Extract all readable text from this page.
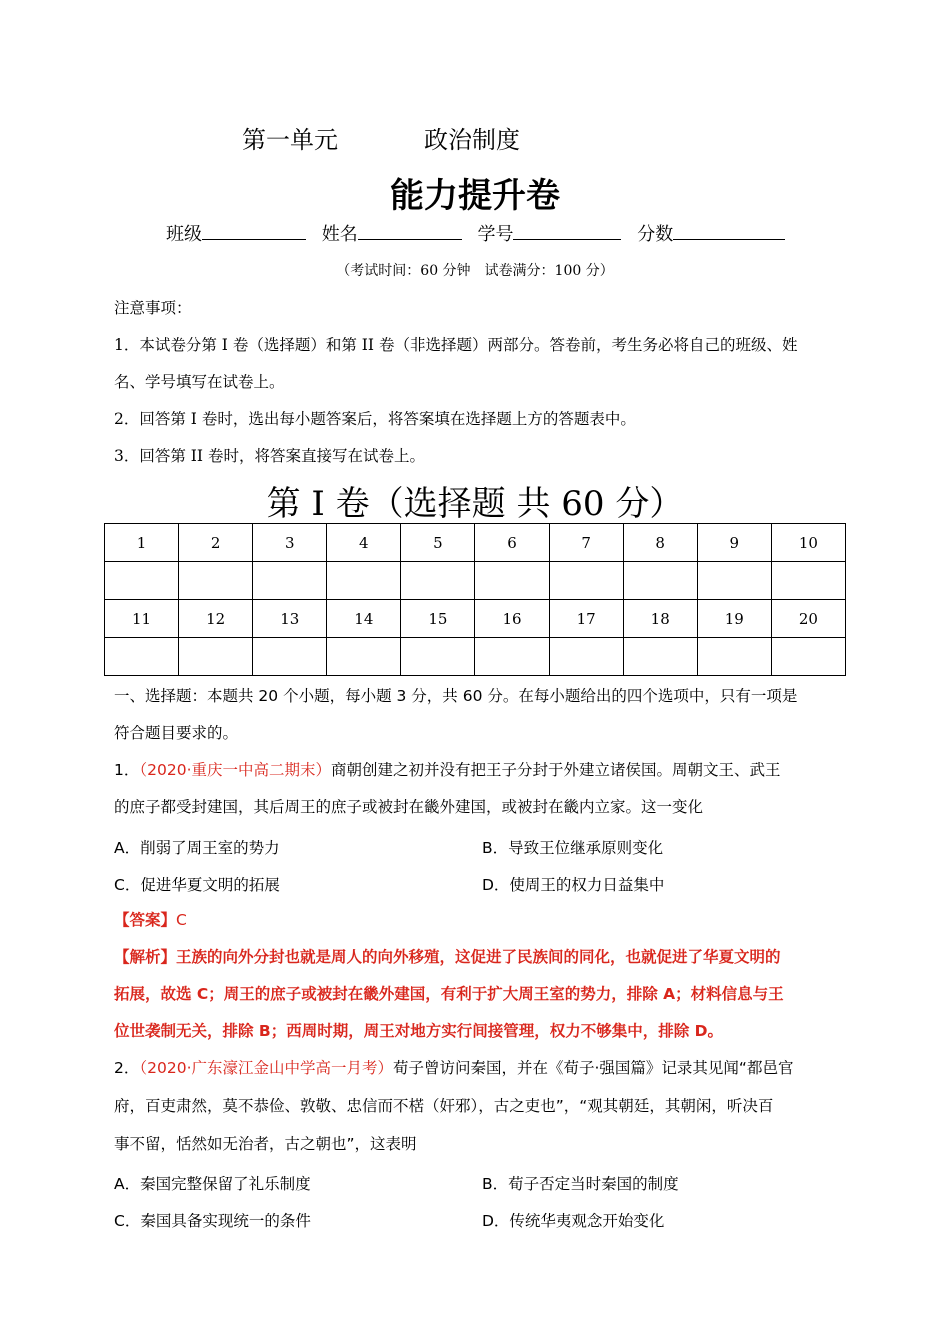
第一单元	政治制度
能力提升卷
班级	姓名	学号	分数
（考试时间：60 分钟　试卷满分：100 分）
注意事项：
1．本试卷分第 I 卷（选择题）和第 II 卷（非选择题）两部分。答卷前，考生务必将自己的班级、姓
名、学号填写在试卷上。
2．回答第 I 卷时，选出每小题答案后，将答案填在选择题上方的答题表中。
3．回答第 II 卷时，将答案直接写在试卷上。
第 I 卷（选择题 共 60 分）
1	2	3	4	5	6	7	8	9	10

11	12	13	14	15	16	17	18	19	20

一、选择题：本题共 20 个小题，每小题 3 分，共 60 分。在每小题给出的四个选项中，只有一项是
符合题目要求的。
1．（2020·重庆一中高二期末）商朝创建之初并没有把王子分封于外建立诸侯国。周朝文王、武王
的庶子都受封建国，其后周王的庶子或被封在畿外建国，或被封在畿内立家。这一变化
A．削弱了周王室的势力	B．导致王位继承原则变化
C．促进华夏文明的拓展	D．使周王的权力日益集中
【答案】C
【解析】王族的向外分封也就是周人的向外移殖，这促进了民族间的同化，也就促进了华夏文明的
拓展，故选 C；周王的庶子或被封在畿外建国，有利于扩大周王室的势力，排除 A；材料信息与王
位世袭制无关，排除 B；西周时期，周王对地方实行间接管理，权力不够集中，排除 D。
2．（2020·广东濠江金山中学高一月考）荀子曾访问秦国，并在《荀子·强国篇》记录其见闻“都邑官
府，百吏肃然，莫不恭俭、敦敬、忠信而不楛（奸邪），古之吏也”，“观其朝廷，其朝闲，听决百
事不留，恬然如无治者，古之朝也”，这表明
A．秦国完整保留了礼乐制度	B．荀子否定当时秦国的制度
C．秦国具备实现统一的条件	D．传统华夷观念开始变化
